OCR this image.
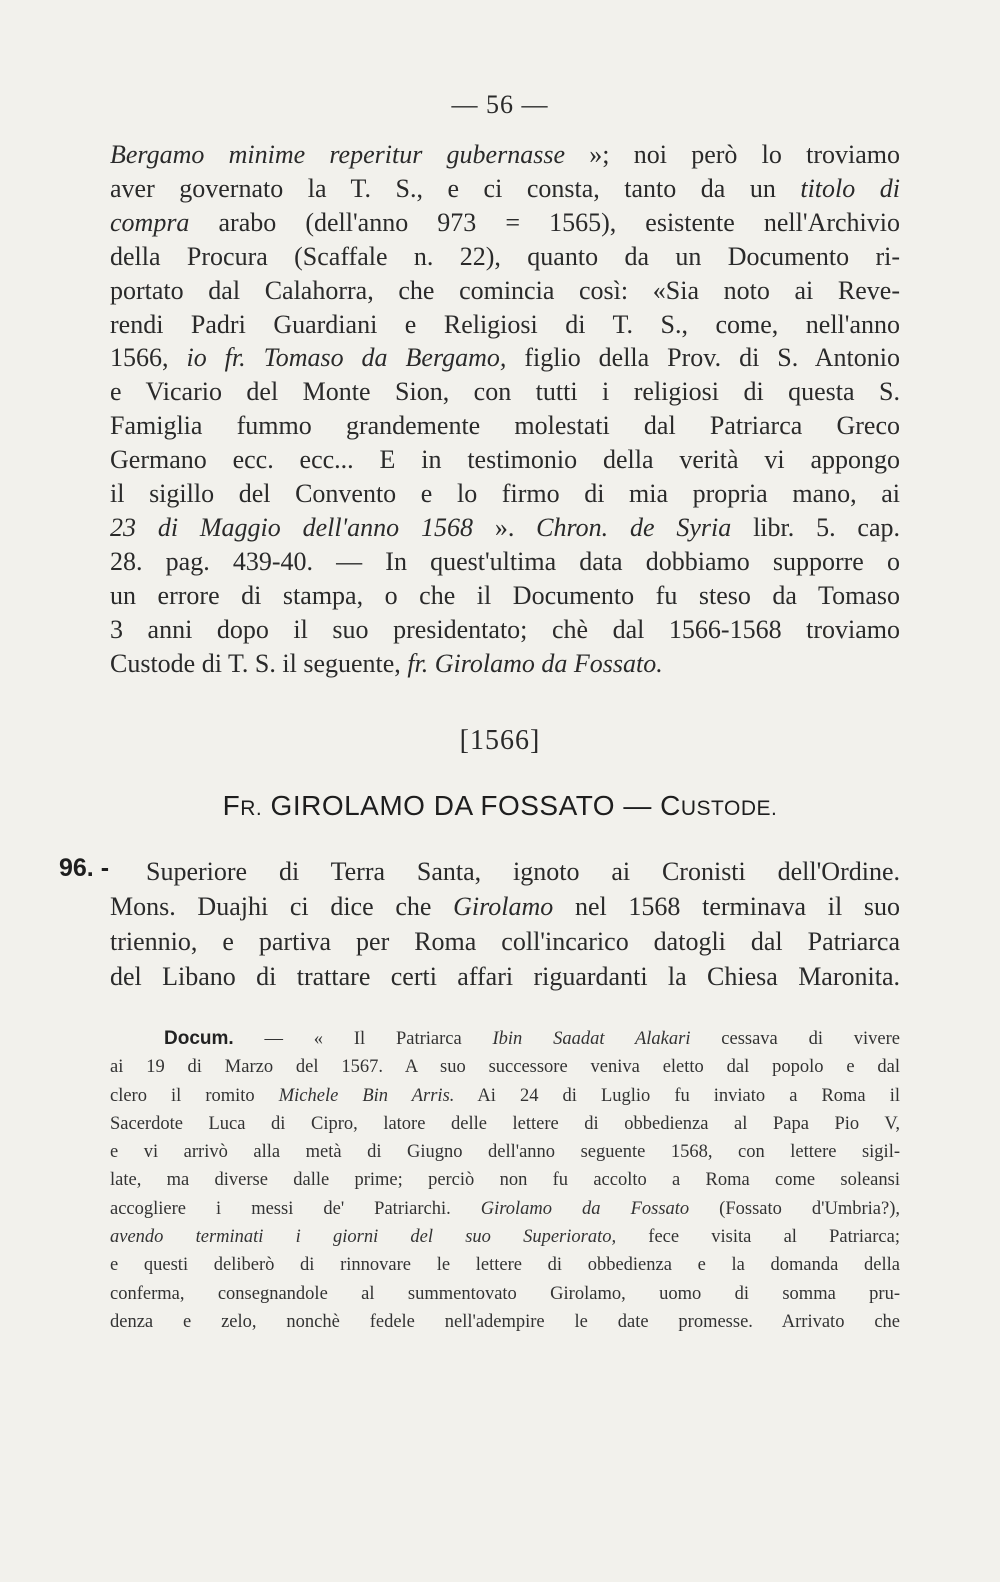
— 56 —
Bergamo minime reperitur gubernasse »; noi però lo troviamo
aver governato la T. S., e ci consta, tanto da un titolo di
compra arabo (dell'anno 973 = 1565), esistente nell'Archivio
della Procura (Scaffale n. 22), quanto da un Documento ri-
portato dal Calahorra, che comincia così: «Sia noto ai Reve-
rendi Padri Guardiani e Religiosi di T. S., come, nell'anno
1566, io fr. Tomaso da Bergamo, figlio della Prov. di S. Antonio
e Vicario del Monte Sion, con tutti i religiosi di questa S.
Famiglia fummo grandemente molestati dal Patriarca Greco
Germano ecc. ecc... E in testimonio della verità vi appongo
il sigillo del Convento e lo firmo di mia propria mano, ai
23 di Maggio dell'anno 1568 ». Chron. de Syria libr. 5. cap.
28. pag. 439-40. — In quest'ultima data dobbiamo supporre o
un errore di stampa, o che il Documento fu steso da Tomaso
3 anni dopo il suo presidentato; chè dal 1566-1568 troviamo
Custode di T. S. il seguente, fr. Girolamo da Fossato.
[1566]
FR. GIROLAMO DA FOSSATO — CUSTODE.
96. -	Superiore di Terra Santa, ignoto ai Cronisti dell'Ordine.
Mons. Duajhi ci dice che Girolamo nel 1568 terminava il suo
triennio, e partiva per Roma coll'incarico datogli dal Patriarca
del Libano di trattare certi affari riguardanti la Chiesa Maronita.
Docum. — « Il Patriarca Ibin Saadat Alakari cessava di vivere
ai 19 di Marzo del 1567. A suo successore veniva eletto dal popolo e dal
clero il romito Michele Bin Arris. Ai 24 di Luglio fu inviato a Roma il
Sacerdote Luca di Cipro, latore delle lettere di obbedienza al Papa Pio V,
e vi arrivò alla metà di Giugno dell'anno seguente 1568, con lettere sigil-
late, ma diverse dalle prime; perciò non fu accolto a Roma come soleansi
accogliere i messi de' Patriarchi. Girolamo da Fossato (Fossato d'Umbria?),
avendo terminati i giorni del suo Superiorato, fece visita al Patriarca;
e questi deliberò di rinnovare le lettere di obbedienza e la domanda della
conferma, consegnandole al summentovato Girolamo, uomo di somma pru-
denza e zelo, nonchè fedele nell'adempire le date promesse. Arrivato che
